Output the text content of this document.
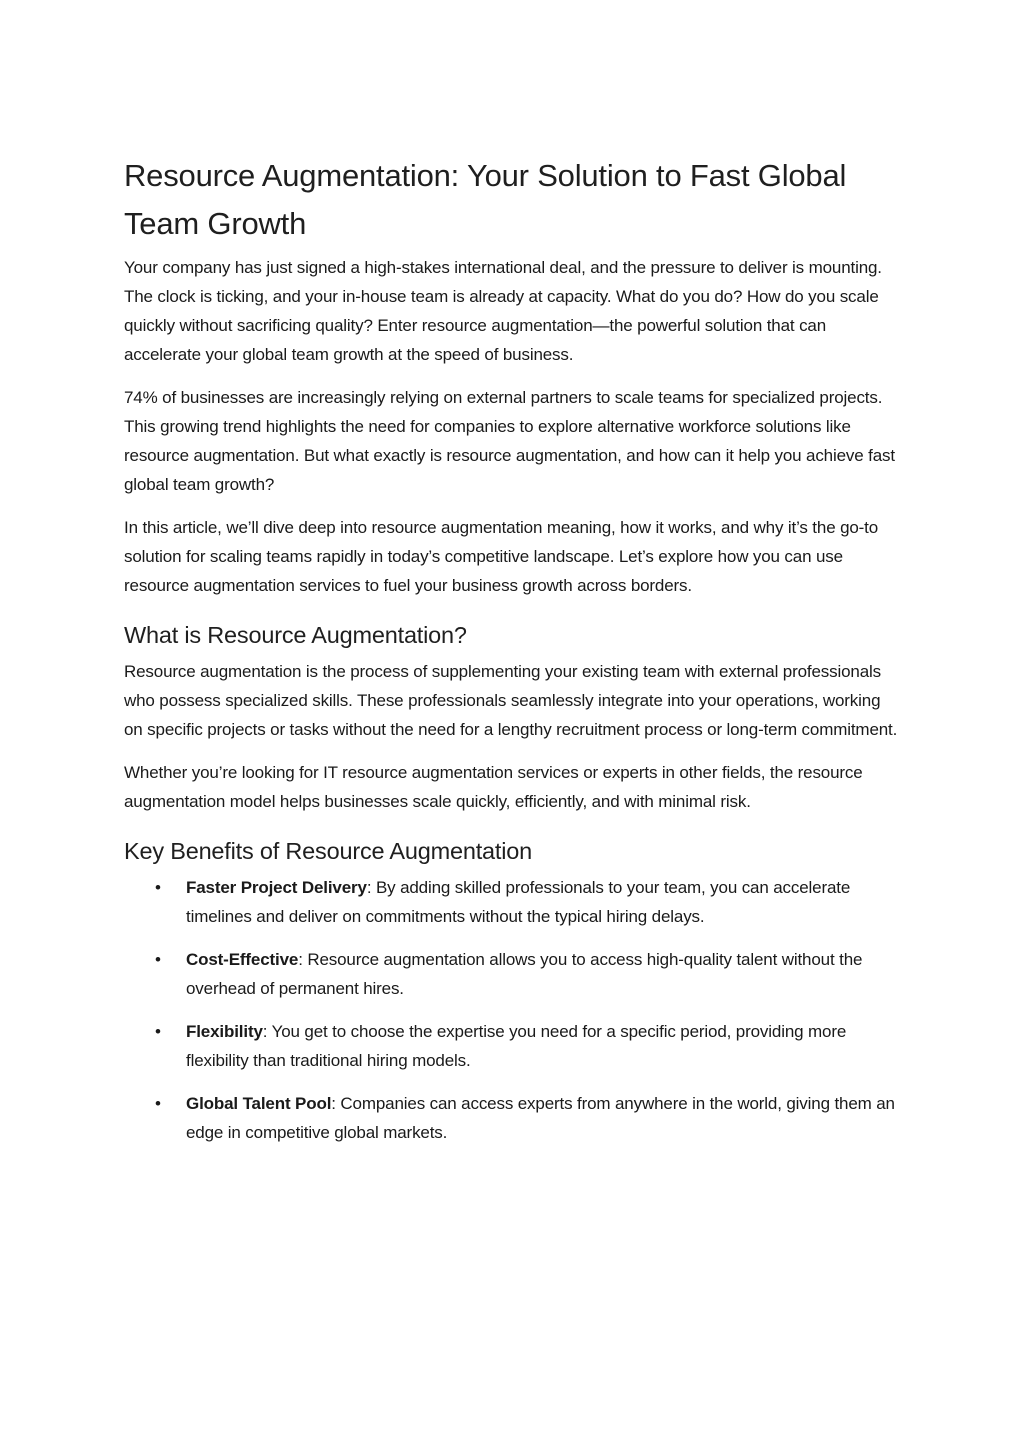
Resource Augmentation: Your Solution to Fast Global Team Growth

Your company has just signed a high-stakes international deal, and the pressure to deliver is mounting. The clock is ticking, and your in-house team is already at capacity. What do you do? How do you scale quickly without sacrificing quality? Enter resource augmentation—the powerful solution that can accelerate your global team growth at the speed of business.

74% of businesses are increasingly relying on external partners to scale teams for specialized projects. This growing trend highlights the need for companies to explore alternative workforce solutions like resource augmentation. But what exactly is resource augmentation, and how can it help you achieve fast global team growth?

In this article, we’ll dive deep into resource augmentation meaning, how it works, and why it’s the go-to solution for scaling teams rapidly in today’s competitive landscape. Let’s explore how you can use resource augmentation services to fuel your business growth across borders.

What is Resource Augmentation?

Resource augmentation is the process of supplementing your existing team with external professionals who possess specialized skills. These professionals seamlessly integrate into your operations, working on specific projects or tasks without the need for a lengthy recruitment process or long-term commitment.

Whether you’re looking for IT resource augmentation services or experts in other fields, the resource augmentation model helps businesses scale quickly, efficiently, and with minimal risk.

Key Benefits of Resource Augmentation
• Faster Project Delivery: By adding skilled professionals to your team, you can accelerate timelines and deliver on commitments without the typical hiring delays.
• Cost-Effective: Resource augmentation allows you to access high-quality talent without the overhead of permanent hires.
• Flexibility: You get to choose the expertise you need for a specific period, providing more flexibility than traditional hiring models.
• Global Talent Pool: Companies can access experts from anywhere in the world, giving them an edge in competitive global markets.
